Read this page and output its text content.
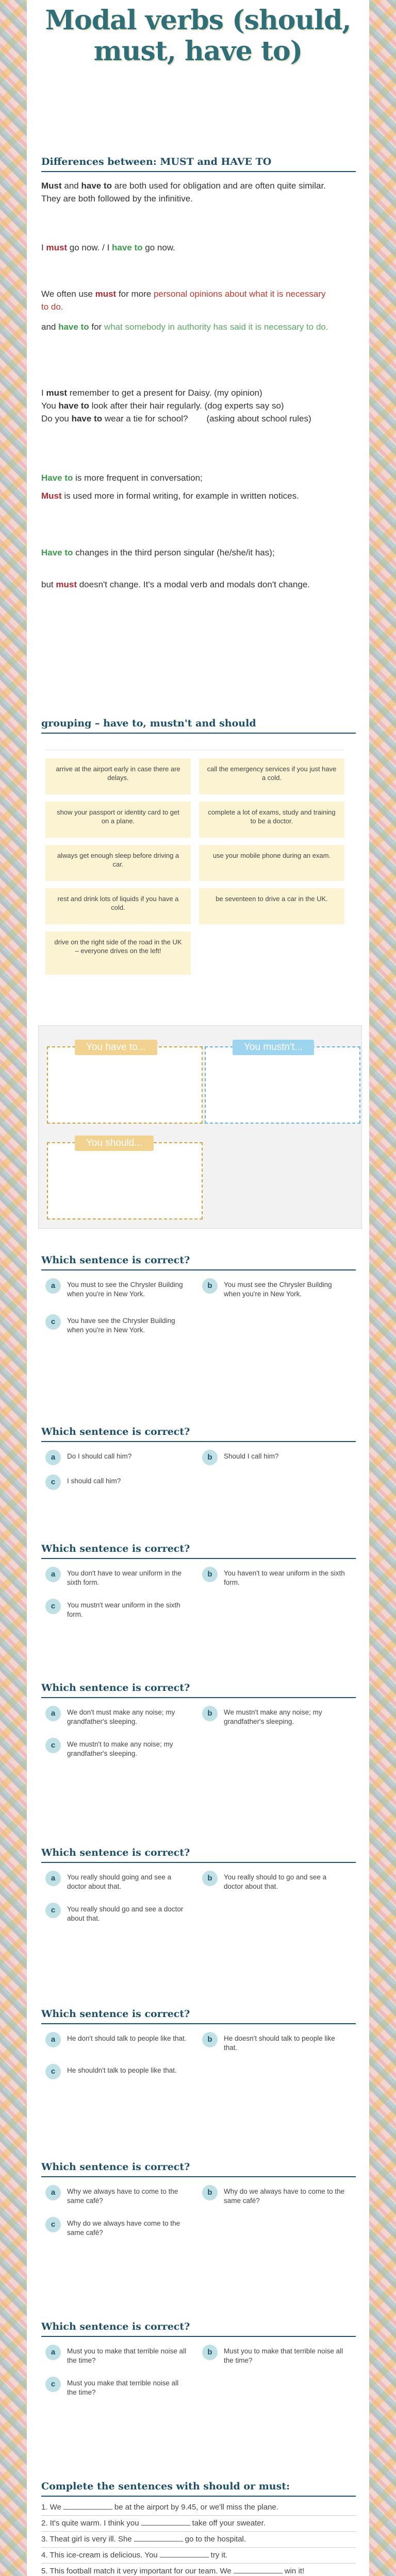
Modal verbs (should, must, have to)
Differences between: MUST and HAVE TO
Must and have to are both used for obligation and are often quite similar. They are both followed by the infinitive.
I must go now. / I have to go now.
We often use must for more personal opinions about what it is necessary to do.
and have to for what somebody in authority has said it is necessary to do.
I must remember to get a present for Daisy. (my opinion)
You have to look after their hair regularly. (dog experts say so)
Do you have to wear a tie for school? (asking about school rules)
Have to is more frequent in conversation;
Must is used more in formal writing, for example in written notices.
Have to changes in the third person singular (he/she/it has);
but must doesn't change. It's a modal verb and modals don't change.
grouping – have to, mustn't and should
arrive at the airport early in case there are delays.
call the emergency services if you just have a cold.
show your passport or identity card to get on a plane.
complete a lot of exams, study and training to be a doctor.
always get enough sleep before driving a car.
use your mobile phone during an exam.
rest and drink lots of liquids if you have a cold.
be seventeen to drive a car in the UK.
drive on the right side of the road in the UK – everyone drives on the left!
You have to...	You mustn't...
You should...
Which sentence is correct?
a	You must to see the Chrysler Building when you're in New York.
b	You must see the Chrysler Building when you're in New York.
c	You have see the Chrysler Building when you're in New York.
Which sentence is correct?
a	Do I should call him?	b	Should I call him?
c	I should call him?
Which sentence is correct?
a	You don't have to wear uniform in the sixth form.
b	You haven't to wear uniform in the sixth form.
c	You mustn't wear uniform in the sixth form.
Which sentence is correct?
a	We don't must make any noise; my grandfather's sleeping.
b	We mustn't make any noise; my grandfather's sleeping.
c	We mustn't to make any noise; my grandfather's sleeping.
Which sentence is correct?
a	You really should going and see a doctor about that.
b	You really should to go and see a doctor about that.
c	You really should go and see a doctor about that.
Which sentence is correct?
a	He don't should talk to people like that.	b	He doesn't should talk to people like that.
c	He shouldn't talk to people like that.
Which sentence is correct?
a	Why we always have to come to the same café?
b	Why do we always have to come to the same café?
c	Why do we always have come to the same café?
Which sentence is correct?
a	Must you to make that terrible noise all the time?
b	Must you to make that terrible noise all the time?
c	Must you make that terrible noise all the time?
Complete the sentences with should or must:
1. We	be at the airport by 9.45, or we'll miss the plane.
2. It's quite warm. I think you	take off your sweater.
3. Theat girl is very ill. She	go to the hospital.
4. This ice-cream is delicious. You	try it.
5. This football match it very important for our team. We	win it!
